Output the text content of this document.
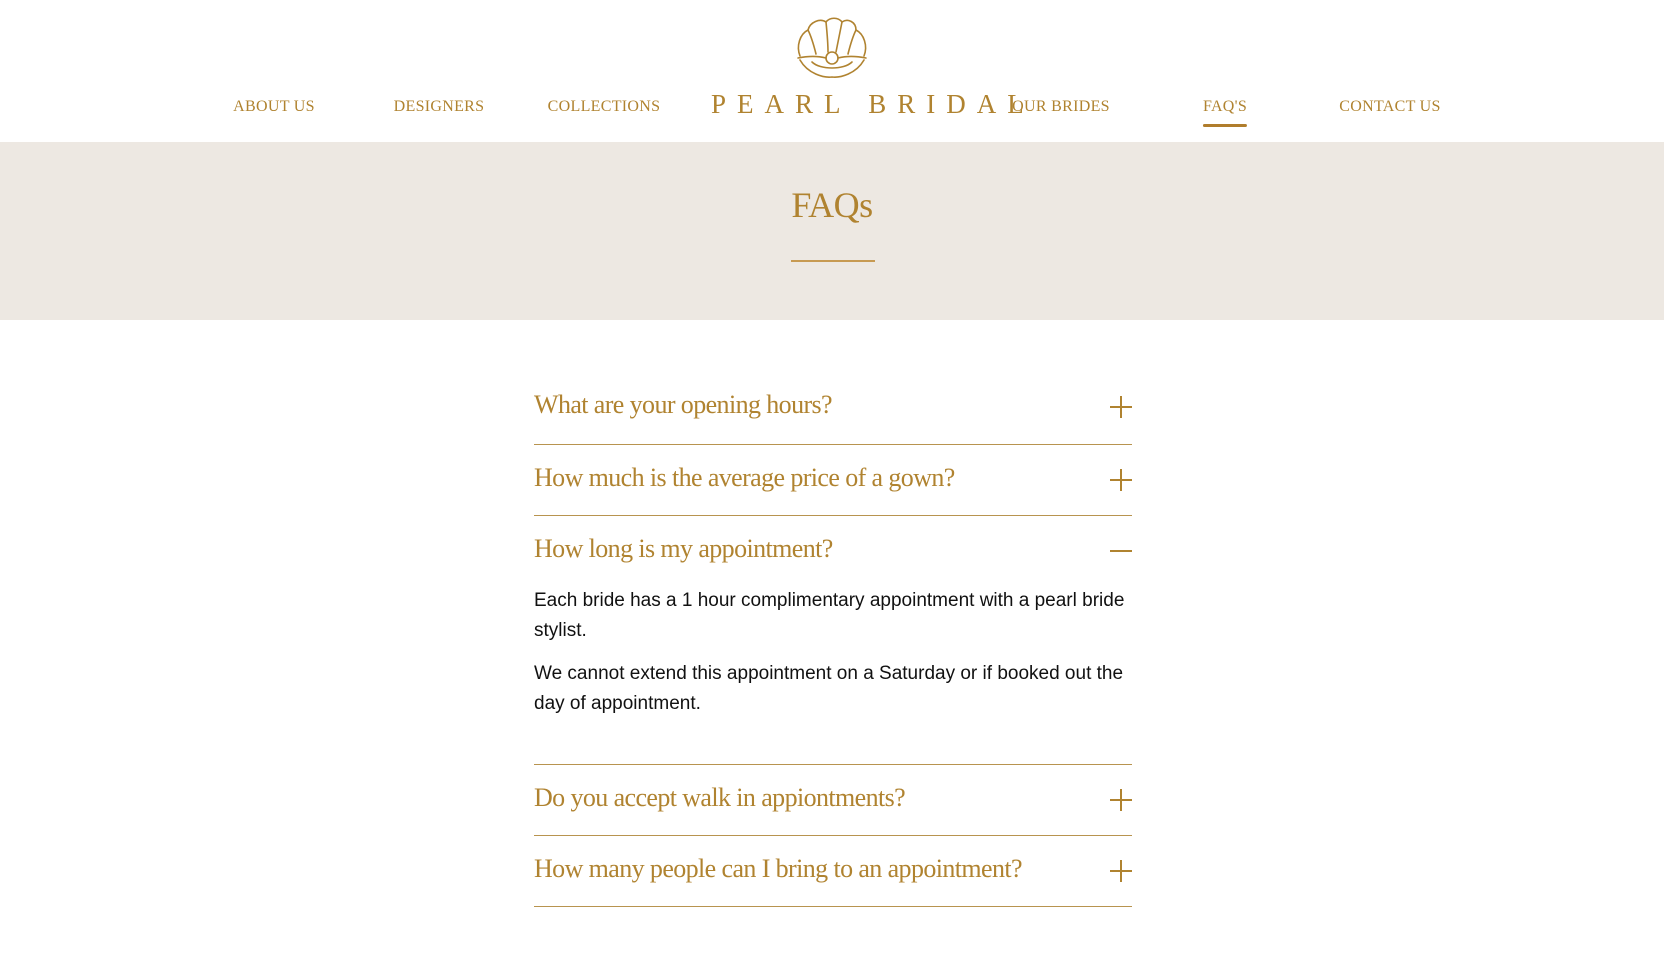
ABOUT US	DESIGNERS	COLLECTIONS	PEARL BRIDAL
OUR BRIDES	FAQ'S	CONTACT US
FAQs
What are your opening hours?
How much is the average price of a gown?
How long is my appointment?

Each bride has a 1 hour complimentary appointment with a pearl bride stylist.

We cannot extend this appointment on a Saturday or if booked out the day of appointment.

Do you accept walk in appiontments?
How many people can I bring to an appointment?
